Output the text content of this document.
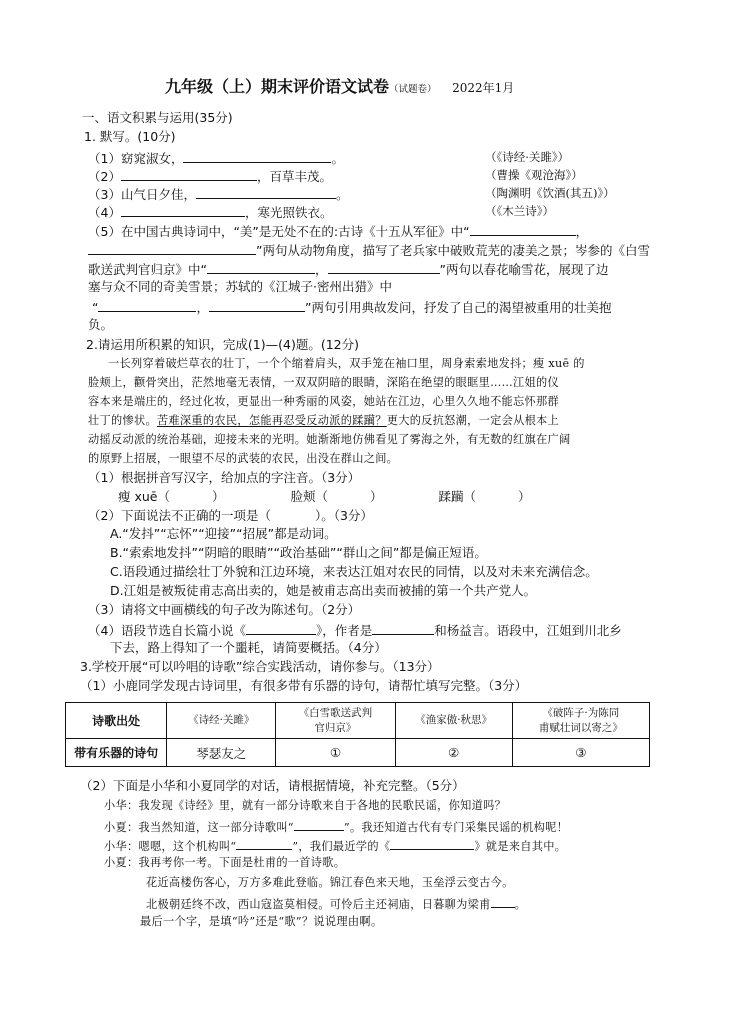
九年级（上）期末评价语文试卷（试题卷） 2022年1月
一、语文积累与运用(35分)
1. 默写。(10分)
（1）窈窕淑女，	。	（《诗经·关雎》）
（2）	，百草丰茂。	（曹操《观沧海》）
（3）山气日夕佳，	。	（陶渊明《饮酒(其五)》）
（4）	，寒光照铁衣。	（《木兰诗》）
（5）在中国古典诗词中，“美”是无处不在的:古诗《十五从军征》中“	，
”两句从动物角度，描写了老兵家中破败荒芜的凄美之景；岑参的《白雪
歌送武判官归京》中“	，	”两句以春花喻雪花，展现了边
塞与众不同的奇美雪景；苏轼的《江城子·密州出猎》中
“	，	”两句引用典故发问，抒发了自己的渴望被重用的壮美抱
负。
2.请运用所积累的知识，完成(1)—(4)题。(12分)
一长列穿着破烂草衣的壮丁，一个个缩着肩头，双手笼在袖口里，周身索索地发抖；瘦 xuē 的
脸颊上，颧骨突出，茫然地毫无表情，一双双阴暗的眼睛，深陷在绝望的眼眶里……江姐的仪
容本来是端庄的，经过化妆，更显出一种秀丽的风姿，她站在江边，心里久久地不能忘怀那群
壮丁的惨状。苦难深重的农民，怎能再忍受反动派的蹂躏？更大的反抗怒潮，一定会从根本上
动摇反动派的统治基础，迎接未来的光明。她渐渐地仿佛看见了雾海之外，有无数的红旗在广阔
的原野上招展，一眼望不尽的武装的农民，出没在群山之间。
（1）根据拼音写汉字，给加点的字注音。（3分）
瘦 xuē（	）	脸颊（	）	蹂躏（	）
（2）下面说法不正确的一项是（	）。（3分）
A.“发抖”“忘怀”“迎接”“招展”都是动词。
B.“索索地发抖”“阴暗的眼睛”“政治基础”“群山之间”都是偏正短语。
C.语段通过描绘壮丁外貌和江边环境，来表达江姐对农民的同情，以及对未来充满信念。
D.江姐是被叛徒甫志高出卖的，她是被甫志高出卖而被捕的第一个共产党人。
（3）请将文中画横线的句子改为陈述句。（2分）
（4）语段节选自长篇小说《	》，作者是	和杨益言。语段中，江姐到川北乡
下去，路上得知了一个噩耗，请简要概括。（4分）
3.学校开展“可以吟唱的诗歌”综合实践活动，请你参与。（13分）
（1）小鹿同学发现古诗词里，有很多带有乐器的诗句，请帮忙填写完整。（3分）
诗歌出处	《诗经·关雎》	《白雪歌送武判
官归京》	《渔家傲·秋思》	《破阵子·为陈同
甫赋壮词以寄之》
带有乐器的诗句	琴瑟友之	①	②	③
（2）下面是小华和小夏同学的对话，请根据情境，补充完整。（5分）
小华：我发现《诗经》里，就有一部分诗歌来自于各地的民歌民谣，你知道吗？
小夏：我当然知道，这一部分诗歌叫“	”。我还知道古代有专门采集民谣的机构呢！
小华：嗯嗯，这个机构叫“	”，我们最近学的《	》就是来自其中。
小夏：我再考你一考。下面是杜甫的一首诗歌。
花近高楼伤客心，万方多难此登临。锦江春色来天地，玉垒浮云变古今。
北极朝廷终不改，西山寇盗莫相侵。可怜后主还祠庙，日暮聊为梁甫 。
最后一个字，是填“吟”还是“歌”？说说理由啊。
